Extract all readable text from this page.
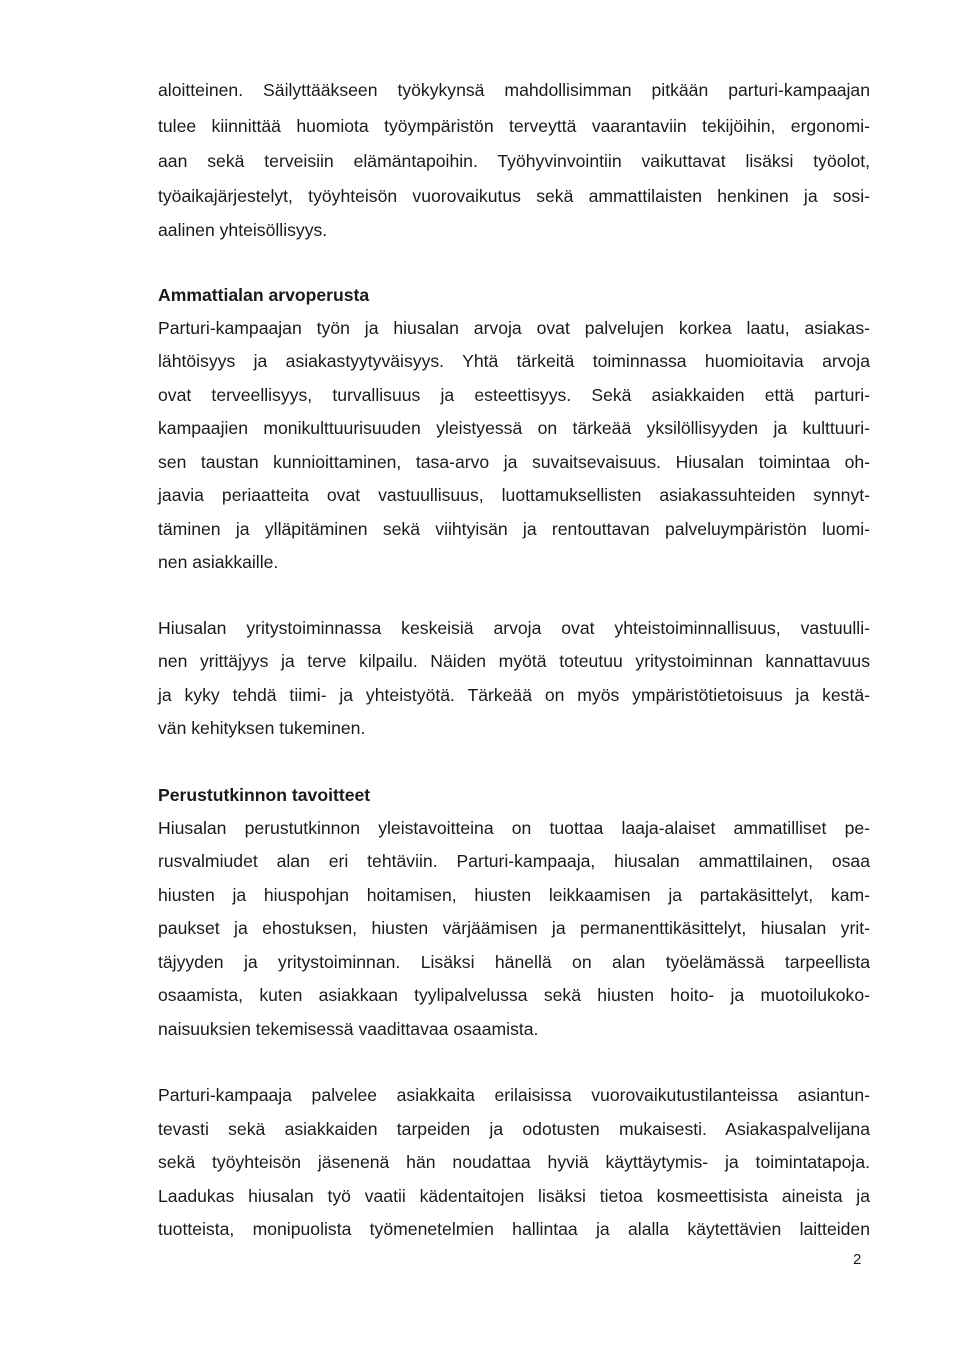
aloitteinen. Säilyttääkseen työkykynsä mahdollisimman pitkään parturi-kampaajan
tulee kiinnittää huomiota työympäristön terveyttä vaarantaviin tekijöihin, ergonomi-
aan sekä terveisiin elämäntapoihin. Työhyvinvointiin vaikuttavat lisäksi työolot,
työaikajärjestelyt, työyhteisön vuorovaikutus sekä ammattilaisten henkinen ja sosi-
aalinen yhteisöllisyys.
Ammattialan arvoperusta
Parturi-kampaajan työn ja hiusalan arvoja ovat palvelujen korkea laatu, asiakas-
lähtöisyys ja asiakastyytyväisyys. Yhtä tärkeitä toiminnassa huomioitavia arvoja
ovat terveellisyys, turvallisuus ja esteettisyys. Sekä asiakkaiden että parturi-
kampaajien monikulttuurisuuden yleistyessä on tärkeää yksilöllisyyden ja kulttuuri-
sen taustan kunnioittaminen, tasa-arvo ja suvaitsevaisuus. Hiusalan toimintaa oh-
jaavia periaatteita ovat vastuullisuus, luottamuksellisten asiakassuhteiden synnyt-
täminen ja ylläpitäminen sekä viihtyisän ja rentouttavan palveluympäristön luomi-
nen asiakkaille.
Hiusalan yritystoiminnassa keskeisiä arvoja ovat yhteistoiminnallisuus, vastuulli-
nen yrittäjyys ja terve kilpailu. Näiden myötä toteutuu yritystoiminnan kannattavuus
ja kyky tehdä tiimi- ja yhteistyötä. Tärkeää on myös ympäristötietoisuus ja kestä-
vän kehityksen tukeminen.
Perustutkinnon tavoitteet
Hiusalan perustutkinnon yleistavoitteina on tuottaa laaja-alaiset ammatilliset pe-
rusvalmiudet alan eri tehtäviin. Parturi-kampaaja, hiusalan ammattilainen, osaa
hiusten ja hiuspohjan hoitamisen, hiusten leikkaamisen ja partakäsittelyt, kam-
paukset ja ehostuksen, hiusten värjäämisen ja permanenttikäsittelyt, hiusalan yrit-
täjyyden ja yritystoiminnan. Lisäksi hänellä on alan työelämässä tarpeellista
osaamista, kuten asiakkaan tyylipalvelussa sekä hiusten hoito- ja muotoilukoko-
naisuuksien tekemisessä vaadittavaa osaamista.
Parturi-kampaaja palvelee asiakkaita erilaisissa vuorovaikutustilanteissa asiantun-
tevasti sekä asiakkaiden tarpeiden ja odotusten mukaisesti. Asiakaspalvelijana
sekä työyhteisön jäsenenä hän noudattaa hyviä käyttäytymis- ja toimintatapoja.
Laadukas hiusalan työ vaatii kädentaitojen lisäksi tietoa kosmeettisista aineista ja
tuotteista, monipuolista työmenetelmien hallintaa ja alalla käytettävien laitteiden
2
